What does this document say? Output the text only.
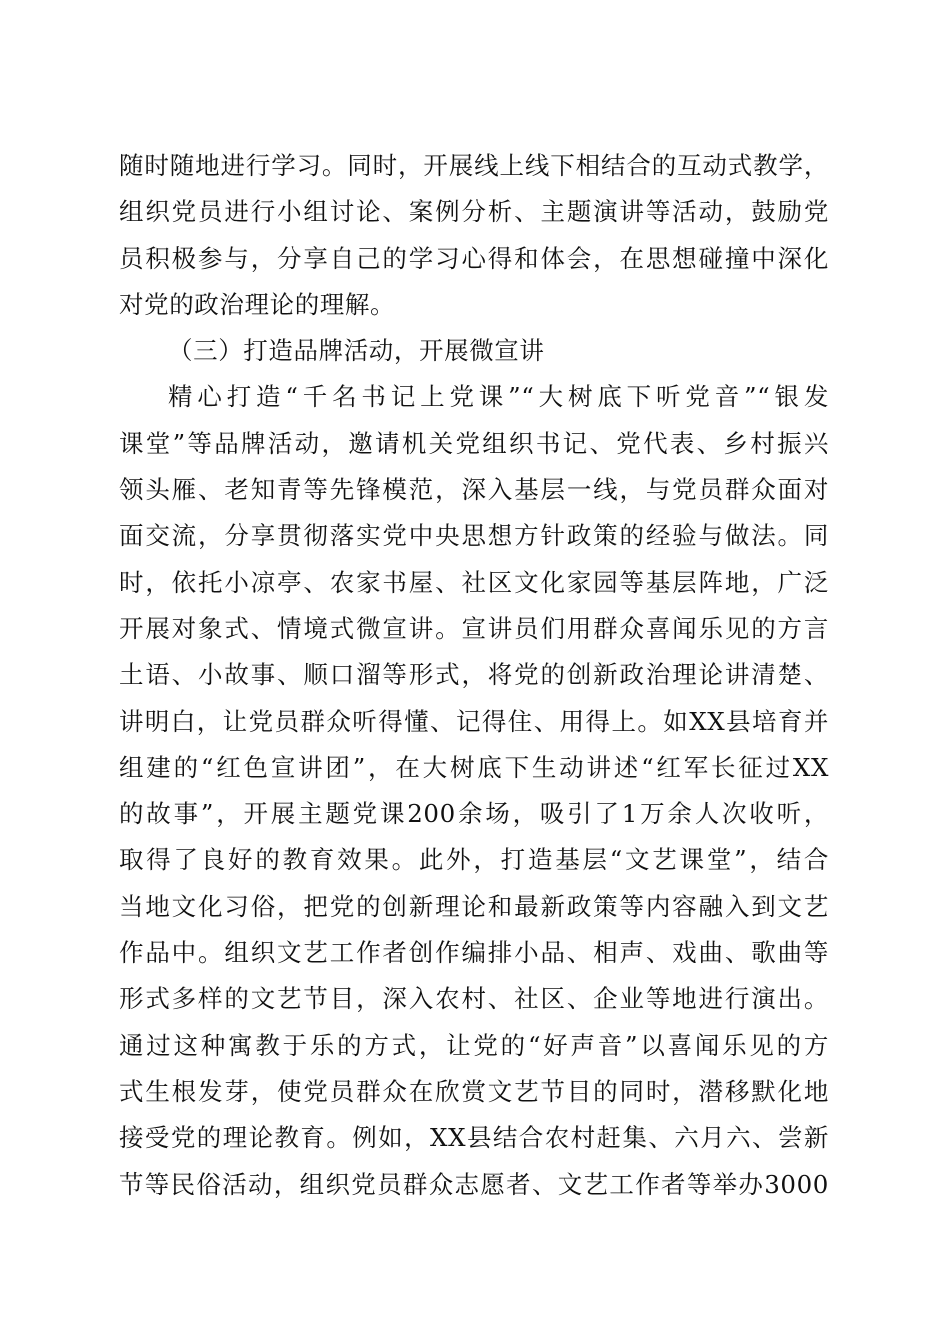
随时随地进行学习。同时，开展线上线下相结合的互动式教学，
组织党员进行小组讨论、案例分析、主题演讲等活动，鼓励党
员积极参与，分享自己的学习心得和体会，在思想碰撞中深化
对党的政治理论的理解。
（三）打造品牌活动，开展微宣讲
精心打造“千名书记上党课”“大树底下听党音”“银发
课堂”等品牌活动，邀请机关党组织书记、党代表、乡村振兴
领头雁、老知青等先锋模范，深入基层一线，与党员群众面对
面交流，分享贯彻落实党中央思想方针政策的经验与做法。同
时，依托小凉亭、农家书屋、社区文化家园等基层阵地，广泛
开展对象式、情境式微宣讲。宣讲员们用群众喜闻乐见的方言
土语、小故事、顺口溜等形式，将党的创新政治理论讲清楚、
讲明白，让党员群众听得懂、记得住、用得上。如XX县培育并
组建的“红色宣讲团”，在大树底下生动讲述“红军长征过XX
的故事”，开展主题党课200余场，吸引了1万余人次收听，
取得了良好的教育效果。此外，打造基层“文艺课堂”，结合
当地文化习俗，把党的创新理论和最新政策等内容融入到文艺
作品中。组织文艺工作者创作编排小品、相声、戏曲、歌曲等
形式多样的文艺节目，深入农村、社区、企业等地进行演出。
通过这种寓教于乐的方式，让党的“好声音”以喜闻乐见的方
式生根发芽，使党员群众在欣赏文艺节目的同时，潜移默化地
接受党的理论教育。例如，XX县结合农村赶集、六月六、尝新
节等民俗活动，组织党员群众志愿者、文艺工作者等举办3000
